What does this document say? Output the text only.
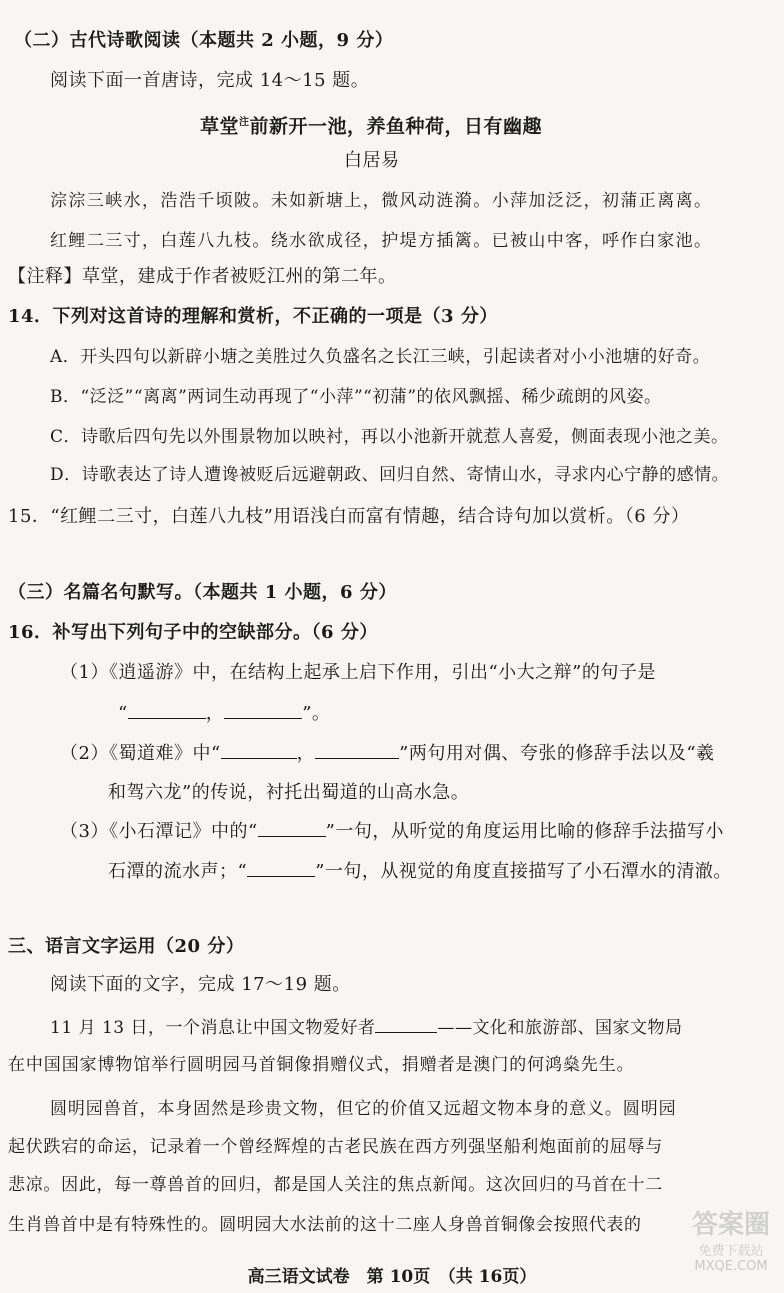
（二）古代诗歌阅读（本题共 2 小题，9 分）
阅读下面一首唐诗，完成 14～15 题。
草堂$^注$前新开一池，养鱼种荷，日有幽趣
白居易
淙淙三峡水，浩浩千顷陂。未如新塘上，微风动涟漪。小萍加泛泛，初蒲正离离。
红鲤二三寸，白莲八九枝。绕水欲成径，护堤方插篱。已被山中客，呼作白家池。
【注释】草堂，建成于作者被贬江州的第二年。
14．下列对这首诗的理解和赏析，不正确的一项是（3 分）
A．开头四句以新辟小塘之美胜过久负盛名之长江三峡，引起读者对小小池塘的好奇。
B．“泛泛”“离离”两词生动再现了“小萍”“初蒲”的依风飘摇、稀少疏朗的风姿。
C．诗歌后四句先以外围景物加以映衬，再以小池新开就惹人喜爱，侧面表现小池之美。
D．诗歌表达了诗人遭谗被贬后远避朝政、回归自然、寄情山水，寻求内心宁静的感情。
15．“红鲤二三寸，白莲八九枝”用语浅白而富有情趣，结合诗句加以赏析。（6 分）
（三）名篇名句默写。（本题共 1 小题，6 分）
16．补写出下列句子中的空缺部分。（6 分）
（1）《逍遥游》中，在结构上起承上启下作用，引出“小大之辩”的句子是
“	，	”。
（2）《蜀道难》中“	，	”两句用对偶、夸张的修辞手法以及“羲
和驾六龙”的传说，衬托出蜀道的山高水急。
（3）《小石潭记》中的“	”一句，从听觉的角度运用比喻的修辞手法描写小
石潭的流水声；“	”一句，从视觉的角度直接描写了小石潭水的清澈。
三、语言文字运用（20 分）
阅读下面的文字，完成 17～19 题。
11 月 13 日，一个消息让中国文物爱好者	——文化和旅游部、国家文物局
在中国国家博物馆举行圆明园马首铜像捐赠仪式，捐赠者是澳门的何鸿燊先生。
圆明园兽首，本身固然是珍贵文物，但它的价值又远超文物本身的意义。圆明园
起伏跌宕的命运，记录着一个曾经辉煌的古老民族在西方列强坚船利炮面前的屈辱与
悲凉。因此，每一尊兽首的回归，都是国人关注的焦点新闻。这次回归的马首在十二
生肖兽首中是有特殊性的。圆明园大水法前的这十二座人身兽首铜像会按照代表的 答案圈
免费下载站
MXQE.COM
高三语文试卷　第 10页　（共 16页）
